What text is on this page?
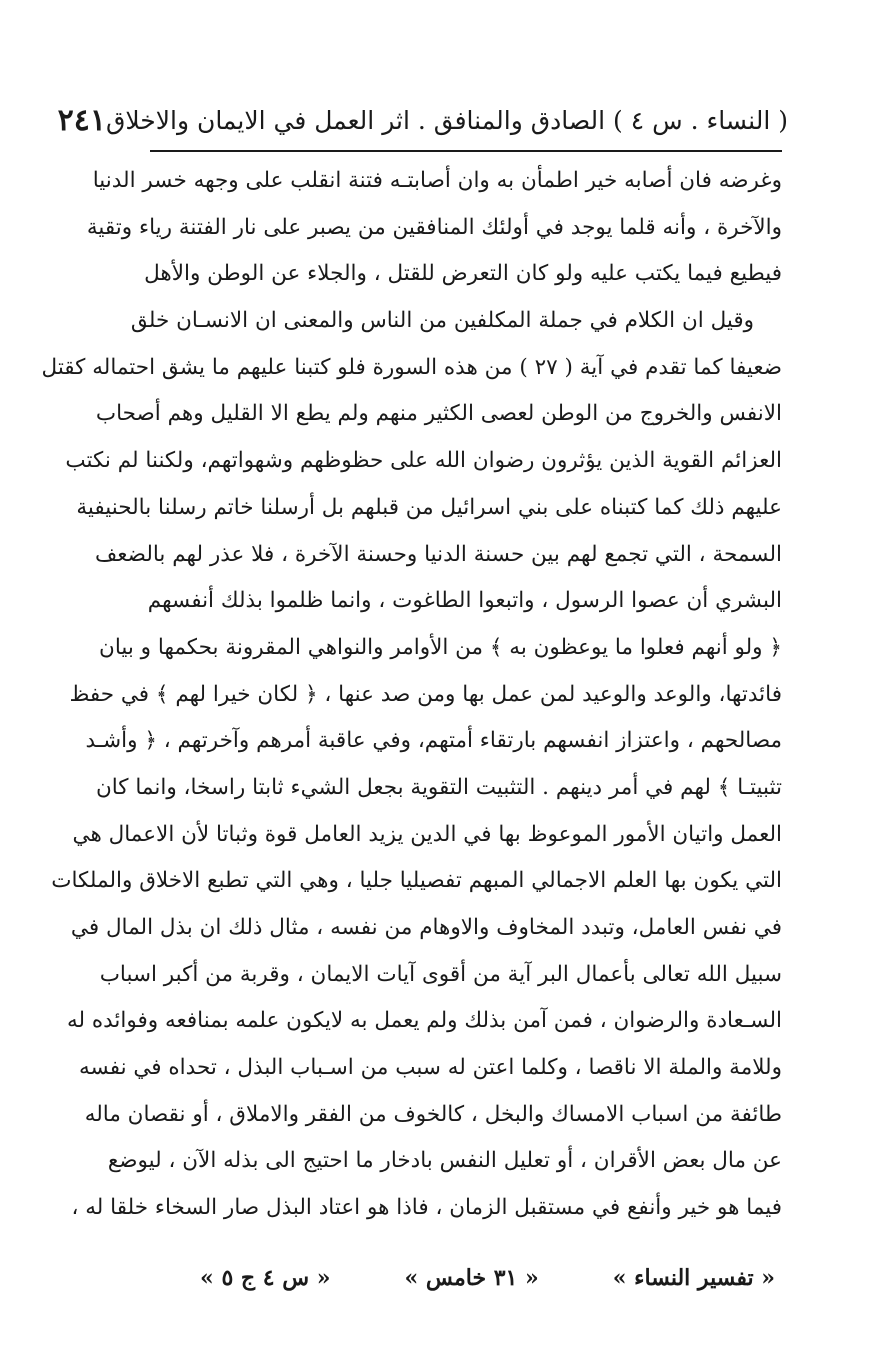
( النساء . س ٤ ) الصادق والمنافق . اثر العمل في الايمان والاخلاق
٢٤١
وغرضه فان أصابه خير اطمأن به وان أصابتـه فتنة انقلب على وجهه خسر الدنيا
والآخرة ، وأنه قلما يوجد في أولئك المنافقين من يصبر على نار الفتنة رياء وتقية
فيطيع فيما يكتب عليه ولو كان التعرض للقتل ، والجلاء عن الوطن والأهل
وقيل ان الكلام في جملة المكلفين من الناس والمعنى ان الانسـان خلق
ضعيفا كما تقدم في آية ( ٢٧ ) من هذه السورة فلو كتبنا عليهم ما يشق احتماله كقتل
الانفس والخروج من الوطن لعصى الكثير منهم ولم يطع الا القليل وهم أصحاب
العزائم القوية الذين يؤثرون رضوان الله على حظوظهم وشهواتهم، ولكننا لم نكتب
عليهم ذلك كما كتبناه على بني اسرائيل من قبلهم بل أرسلنا خاتم رسلنا بالحنيفية
السمحة ، التي تجمع لهم بين حسنة الدنيا وحسنة الآخرة ، فلا عذر لهم بالضعف
البشري أن عصوا الرسول ، واتبعوا الطاغوت ، وانما ظلموا بذلك أنفسهم
﴿ ولو أنهم فعلوا ما يوعظون به ﴾ من الأوامر والنواهي المقرونة بحكمها و بيان
فائدتها، والوعد والوعيد لمن عمل بها ومن صد عنها ، ﴿ لكان خيرا لهم ﴾ في حفظ
مصالحهم ، واعتزاز انفسهم بارتقاء أمتهم، وفي عاقبة أمرهم وآخرتهم ، ﴿ وأشـد
تثبيتـا ﴾ لهم في أمر دينهم . التثبيت التقوية بجعل الشيء ثابتا راسخا، وانما كان
العمل واتيان الأمور الموعوظ بها في الدين يزيد العامل قوة وثباتا لأن الاعمال هي
التي يكون بها العلم الاجمالي المبهم تفصيليا جليا ، وهي التي تطبع الاخلاق والملكات
في نفس العامل، وتبدد المخاوف والاوهام من نفسه ، مثال ذلك ان بذل المال في
سبيل الله تعالى بأعمال البر آية من أقوى آيات الايمان ، وقربة من أكبر اسباب
السـعادة والرضوان ، فمن آمن بذلك ولم يعمل به لايكون علمه بمنافعه وفوائده له
وللامة والملة الا ناقصا ، وكلما اعتن له سبب من اسـباب البذل ، تحداه في نفسه
طائفة من اسباب الامساك والبخل ، كالخوف من الفقر والاملاق ، أو نقصان ماله
عن مال بعض الأقران ، أو تعليل النفس بادخار ما احتيج الى بذله الآن ، ليوضع
فيما هو خير وأنفع في مستقبل الزمان ، فاذا هو اعتاد البذل صار السخاء خلقا له ،
« تفسير النساء »
« ٣١ خامس »
« س ٤ ج ٥ »
